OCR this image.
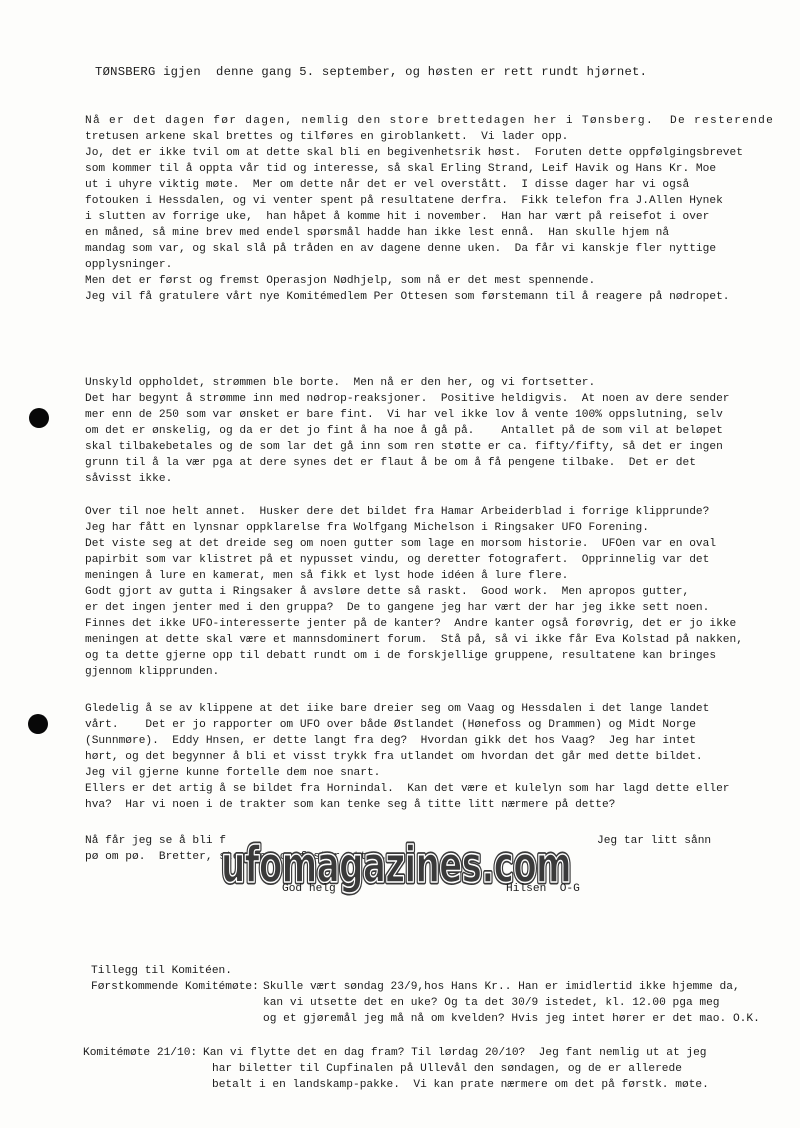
TØNSBERG igjen  denne gang 5. september, og høsten er rett rundt hjørnet.
Nå er det dagen før dagen, nemlig den store brettedagen her i Tønsberg.  De resterende
tretusen arkene skal brettes og tilføres en giroblankett.  Vi lader opp.
Jo, det er ikke tvil om at dette skal bli en begivenhetsrik høst.  Foruten dette oppfølgingsbrevet
som kommer til å oppta vår tid og interesse, så skal Erling Strand, Leif Havik og Hans Kr. Moe
ut i uhyre viktig møte.  Mer om dette når det er vel overstått.  I disse dager har vi også
fotouken i Hessdalen, og vi venter spent på resultatene derfra.  Fikk telefon fra J.Allen Hynek
i slutten av forrige uke,  han håpet å komme hit i november.  Han har vært på reisefot i over
en måned, så mine brev med endel spørsmål hadde han ikke lest ennå.  Han skulle hjem nå
mandag som var, og skal slå på tråden en av dagene denne uken.  Da får vi kanskje fler nyttige
opplysninger.
Men det er først og fremst Operasjon Nødhjelp, som nå er det mest spennende.
Jeg vil få gratulere vårt nye Komitémedlem Per Ottesen som førstemann til å reagere på nødropet.
Unskyld oppholdet, strømmen ble borte.  Men nå er den her, og vi fortsetter.
Det har begynt å strømme inn med nødrop-reaksjoner.  Positive heldigvis.  At noen av dere sender
mer enn de 250 som var ønsket er bare fint.  Vi har vel ikke lov å vente 100% oppslutning, selv
om det er ønskelig, og da er det jo fint å ha noe å gå på.    Antallet på de som vil at beløpet
skal tilbakebetales og de som lar det gå inn som ren støtte er ca. fifty/fifty, så det er ingen
grunn til å la vær pga at dere synes det er flaut å be om å få pengene tilbake.  Det er det
såvisst ikke.
Over til noe helt annet.  Husker dere det bildet fra Hamar Arbeiderblad i forrige klipprunde?
Jeg har fått en lynsnar oppklarelse fra Wolfgang Michelson i Ringsaker UFO Forening.
Det viste seg at det dreide seg om noen gutter som lage en morsom historie.  UFOen var en oval
papirbit som var klistret på et nypusset vindu, og deretter fotografert.  Opprinnelig var det
meningen å lure en kamerat, men så fikk et lyst hode idéen å lure flere.
Godt gjort av gutta i Ringsaker å avsløre dette så raskt.  Good work.  Men apropos gutter,
er det ingen jenter med i den gruppa?  De to gangene jeg har vært der har jeg ikke sett noen.
Finnes det ikke UFO-interesserte jenter på de kanter?  Andre kanter også forøvrig, det er jo ikke
meningen at dette skal være et mannsdominert forum.  Stå på, så vi ikke får Eva Kolstad på nakken,
og ta dette gjerne opp til debatt rundt om i de forskjellige gruppene, resultatene kan bringes
gjennom klipprunden.
Gledelig å se av klippene at det iike bare dreier seg om Vaag og Hessdalen i det lange landet
vårt.    Det er jo rapporter om UFO over både Østlandet (Hønefoss og Drammen) og Midt Norge
(Sunnmøre).  Eddy Hnsen, er dette langt fra deg?  Hvordan gikk det hos Vaag?  Jeg har intet
hørt, og det begynner å bli et visst trykk fra utlandet om hvordan det går med dette bildet.
Jeg vil gjerne kunne fortelle dem noe snart.
Ellers er det artig å se bildet fra Hornindal.  Kan det være et kulelyn som har lagd dette eller
hva?  Har vi noen i de trakter som kan tenke seg å titte litt nærmere på dette?
Nå får jeg se å bli f	Jeg tar litt sånn
pø om pø.  Bretter, stempler og fester etter.
ufomagazines.com
ufomagazines.com
God helg	Hilsen  O-G
Tillegg til Komitéen.
Førstkommende Komitémøte: Skulle vært søndag 23/9,hos Hans Kr.. Han er imidlertid ikke hjemme da,
kan vi utsette det en uke? Og ta det 30/9 istedet, kl. 12.00 pga meg
og et gjøremål jeg må nå om kvelden? Hvis jeg intet hører er det mao. O.K.
Komitémøte 21/10: Kan vi flytte det en dag fram? Til lørdag 20/10?  Jeg fant nemlig ut at jeg
har biletter til Cupfinalen på Ullevål den søndagen, og de er allerede
betalt i en landskamp-pakke.  Vi kan prate nærmere om det på førstk. møte.
